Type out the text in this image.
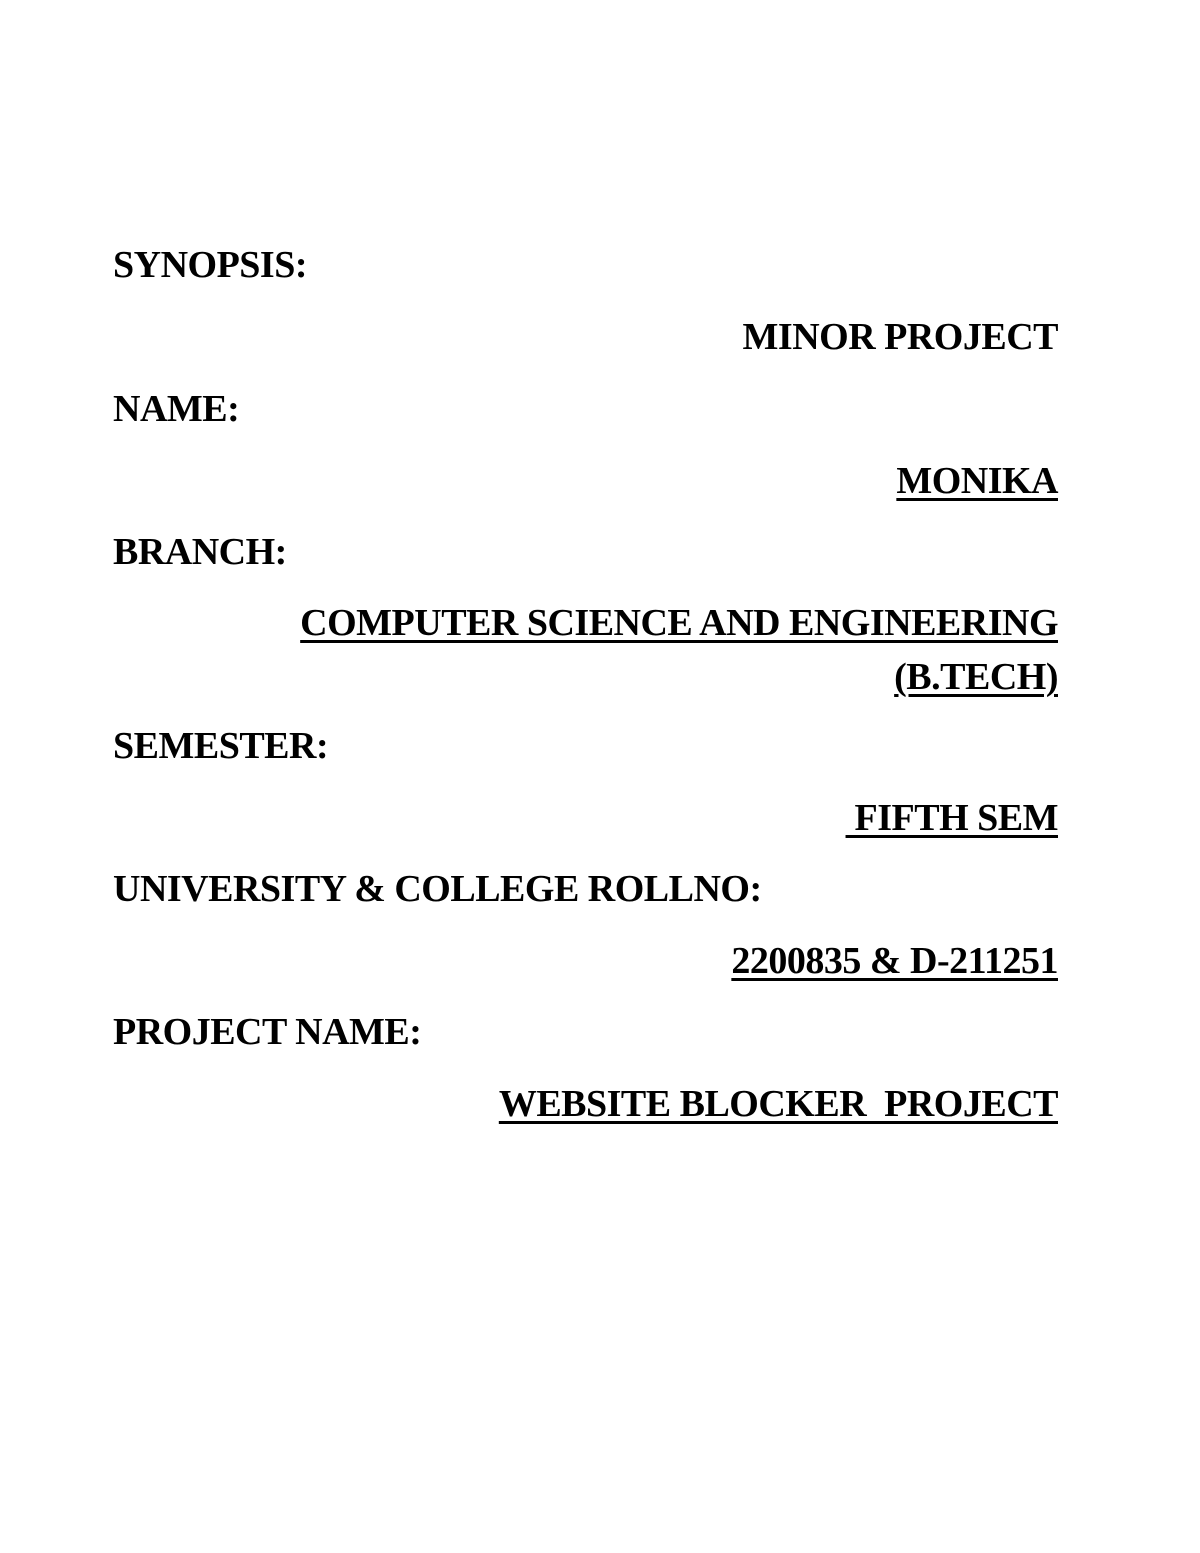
SYNOPSIS:
MINOR PROJECT
NAME:
MONIKA
BRANCH:
COMPUTER SCIENCE AND ENGINEERING
(B.TECH)
SEMESTER:
FIFTH SEM
UNIVERSITY & COLLEGE ROLLNO:
2200835 & D-211251
PROJECT NAME:
WEBSITE BLOCKER  PROJECT
